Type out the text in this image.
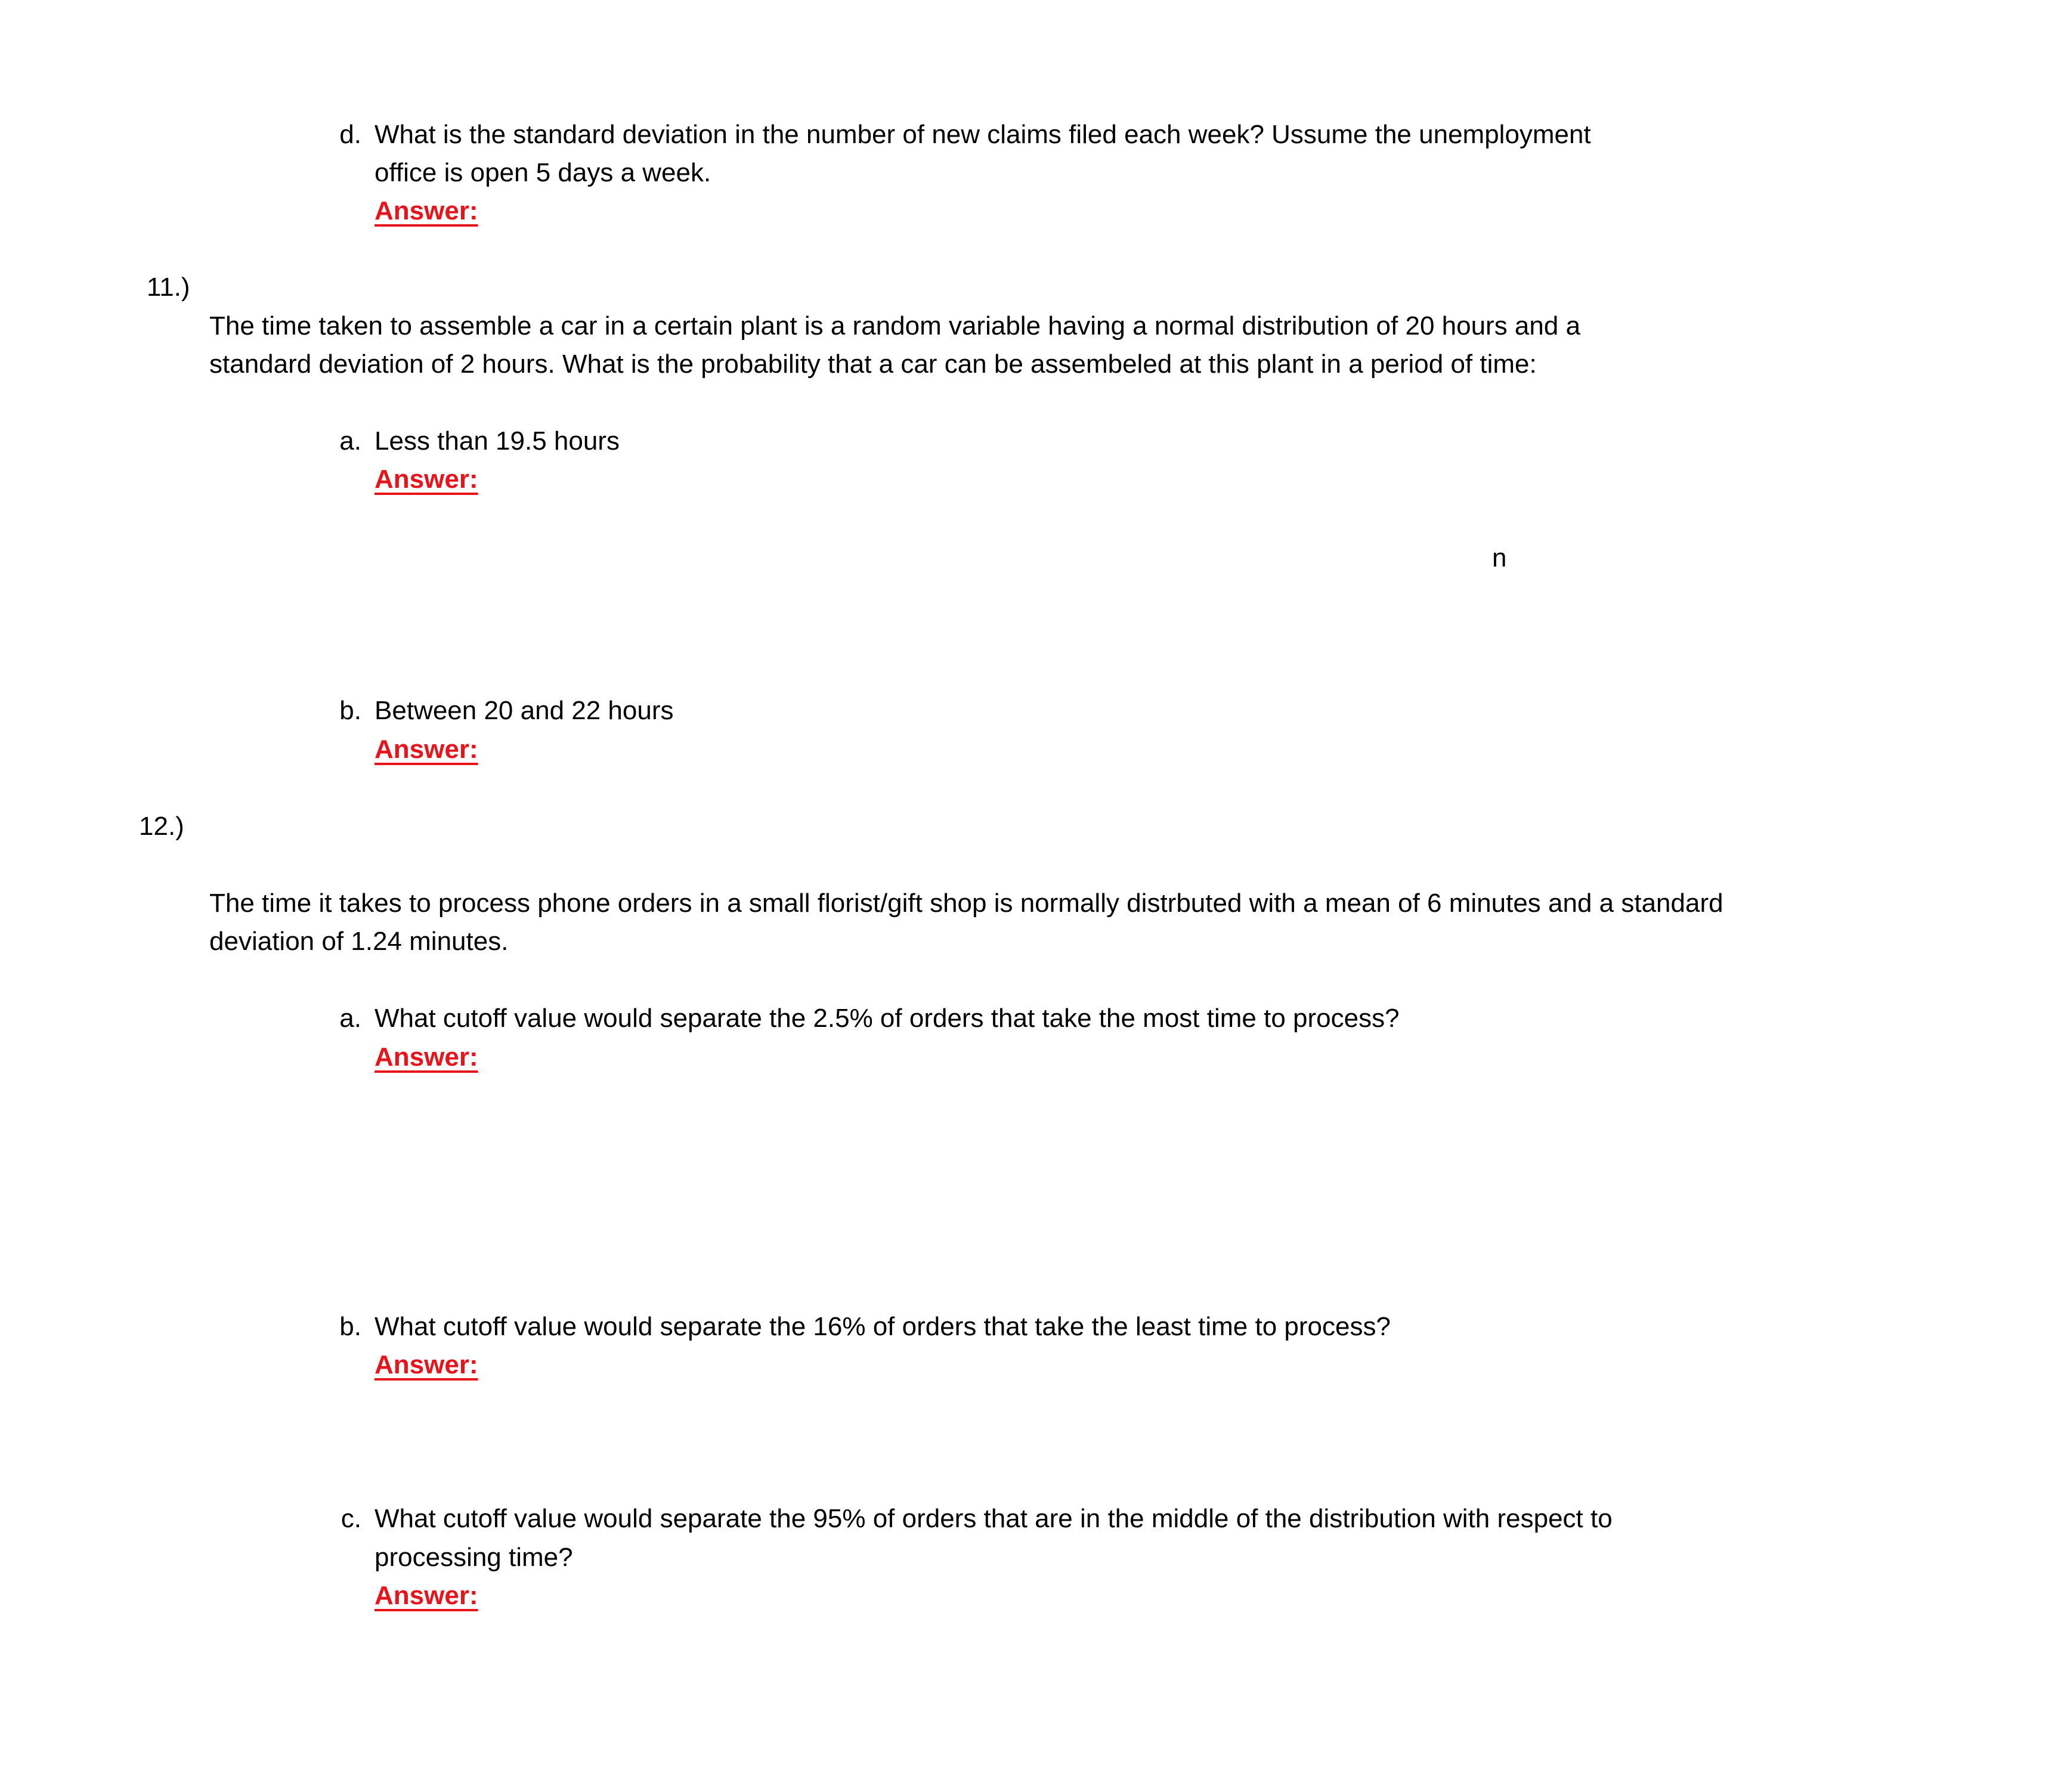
d. What is the standard deviation in the number of new claims filed each week? Ussume the unemployment
office is open 5 days a week.
Answer:
11.)
The time taken to assemble a car in a certain plant is a random variable having a normal distribution of 20 hours and a
standard deviation of 2 hours. What is the probability that a car can be assembeled at this plant in a period of time:
a. Less than 19.5 hours
Answer:
n
b. Between 20 and 22 hours
Answer:
12.)
The time it takes to process phone orders in a small florist/gift shop is normally distrbuted with a mean of 6 minutes and a standard
deviation of 1.24 minutes.
a. What cutoff value would separate the 2.5% of orders that take the most time to process?
Answer:
b. What cutoff value would separate the 16% of orders that take the least time to process?
Answer:
c. What cutoff value would separate the 95% of orders that are in the middle of the distribution with respect to
processing time?
Answer:
